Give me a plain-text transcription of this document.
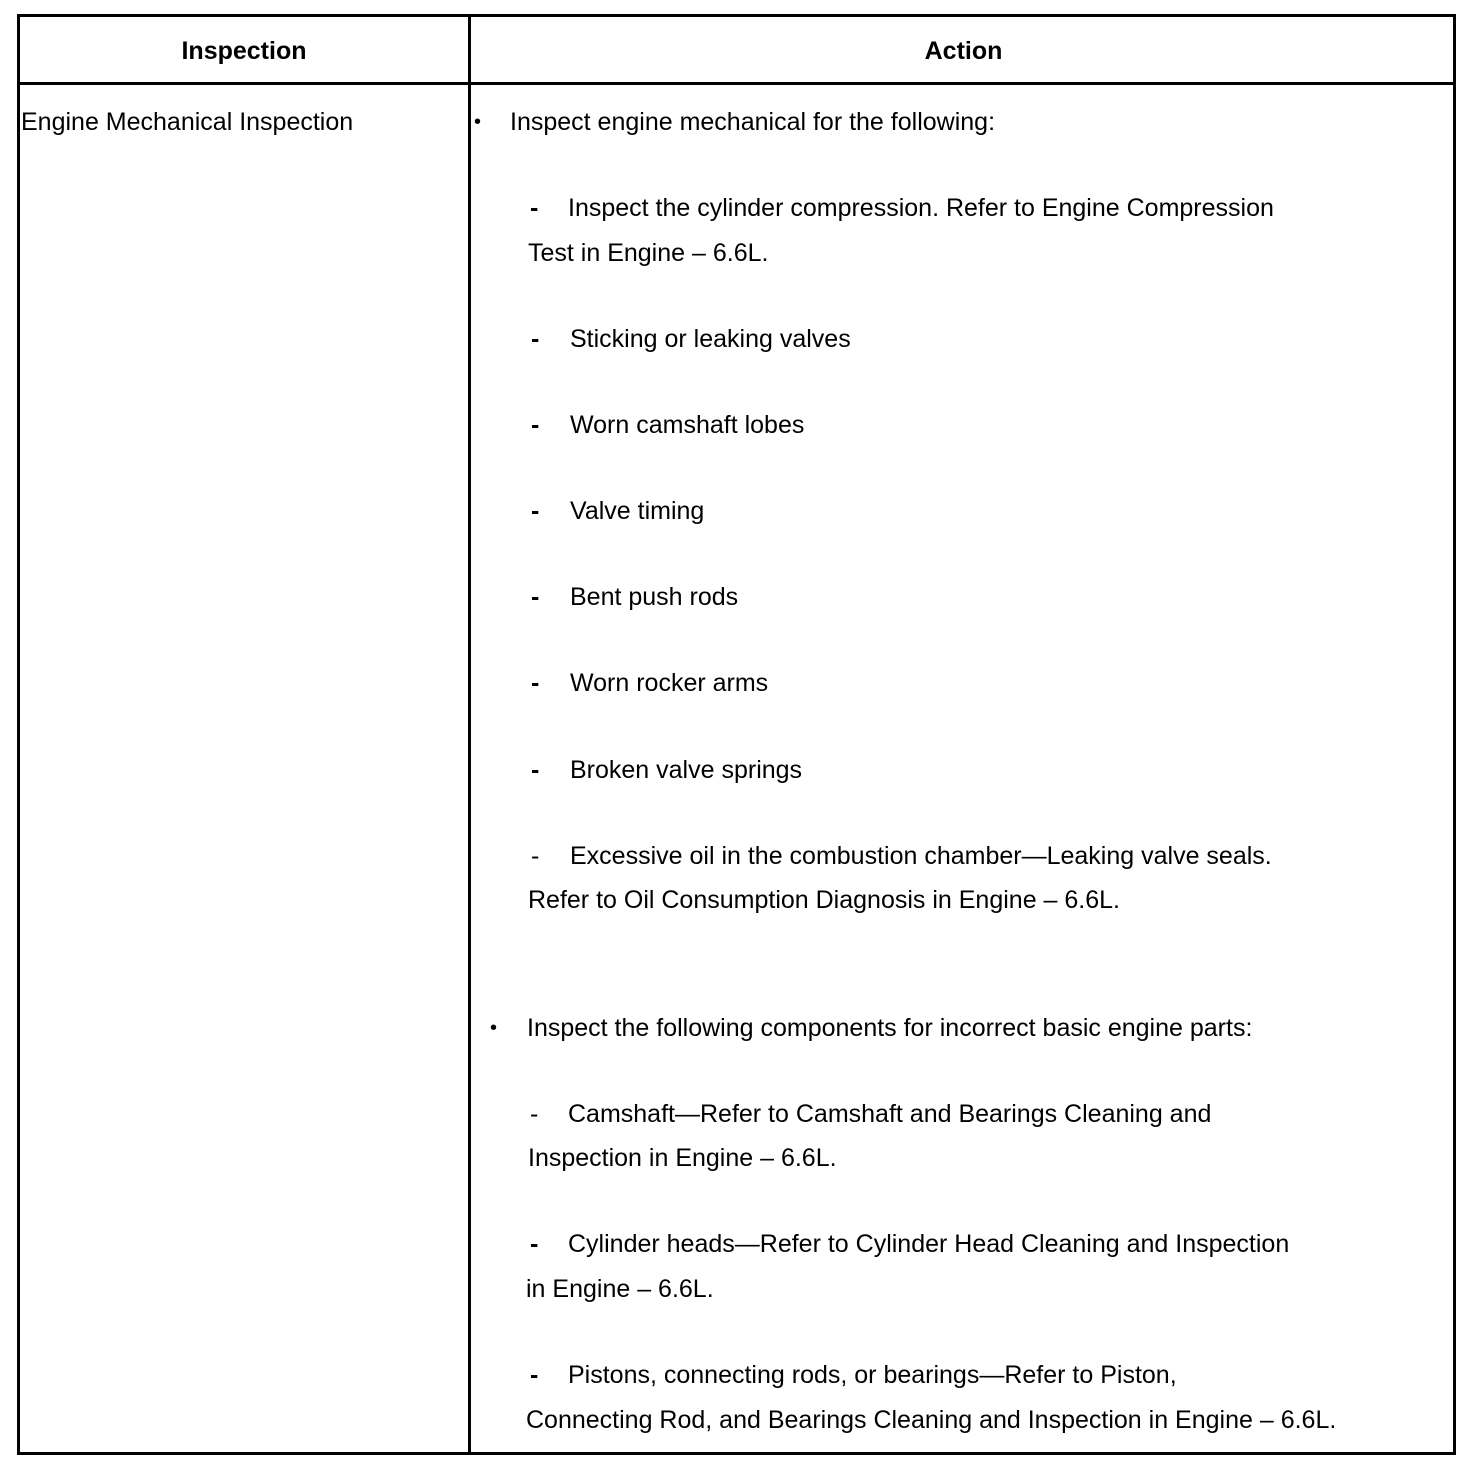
Inspection	Action
Engine Mechanical Inspection	• Inspect engine mechanical for the following:
- Inspect the cylinder compression. Refer to Engine Compression
Test in Engine – 6.6L.
- Sticking or leaking valves
- Worn camshaft lobes
- Valve timing
- Bent push rods
- Worn rocker arms
- Broken valve springs
- Excessive oil in the combustion chamber—Leaking valve seals.
Refer to Oil Consumption Diagnosis in Engine – 6.6L.
• Inspect the following components for incorrect basic engine parts:
- Camshaft—Refer to Camshaft and Bearings Cleaning and
Inspection in Engine – 6.6L.
- Cylinder heads—Refer to Cylinder Head Cleaning and Inspection
in Engine – 6.6L.
- Pistons, connecting rods, or bearings—Refer to Piston,
Connecting Rod, and Bearings Cleaning and Inspection in Engine – 6.6L.
